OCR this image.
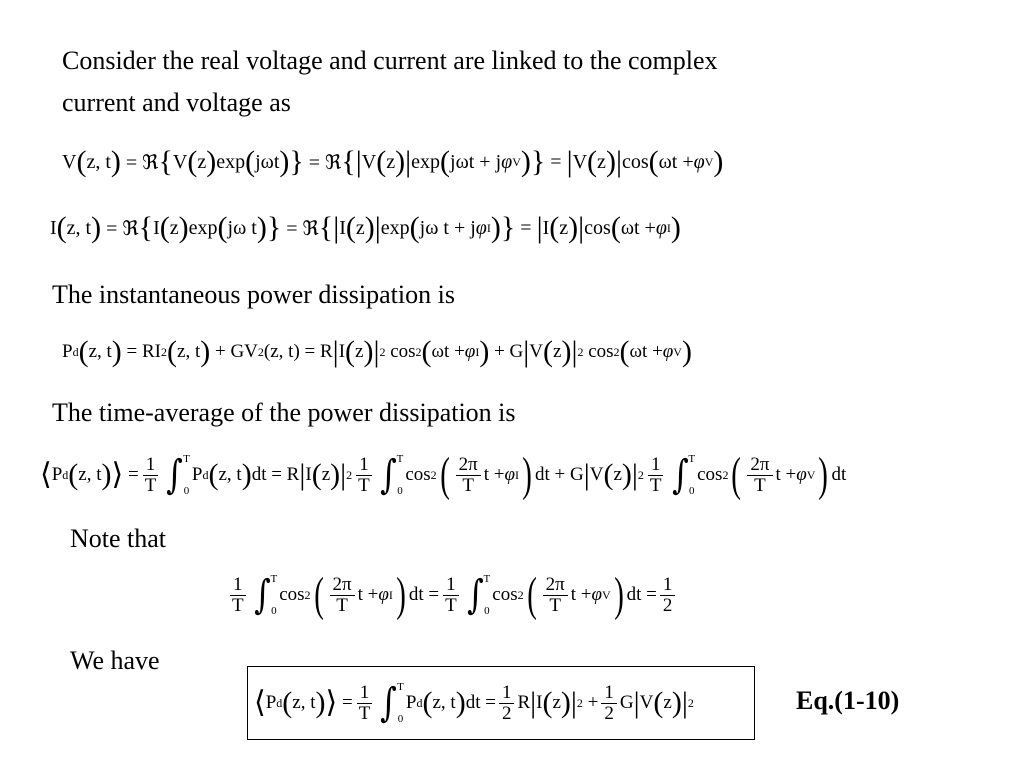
Consider the real voltage and current are linked to the complex
current and voltage as
V ( z, t ) = ℜ { V ( z ) exp ( jωt ) } = ℜ { | V ( z ) | exp ( jωt + j φ V ) } = | V ( z ) | cos ( ωt + φ V )
I ( z, t ) = ℜ { I ( z ) exp ( jω t ) } = ℜ { | I ( z ) | exp ( jω t + j φ I ) } = | I ( z ) | cos ( ωt + φ I )
The instantaneous power dissipation is
P d ( z, t ) = RI 2 ( z, t ) + GV 2 (z, t) = R | I ( z ) | 2 cos 2 ( ωt + φ I ) + G | V ( z ) | 2 cos 2 ( ωt + φ V )
The time-average of the power dissipation is
⟨ P d ( z, t ) ⟩ = $\frac{1}{T}$ ∫ T
0
P d ( z, t ) dt = R | I ( z ) | $2 \frac{1}{T}$ ∫ T
0
cos 2 ( $\frac{2\pi}{T}$ t + φ I ) dt + G | V ( z ) | $2 \frac{1}{T}$ ∫ T
0
cos 2 ( $\frac{2\pi}{T}$ t + φ V ) dt
Note that
$\frac{1}{T}$ ∫ T
0
cos 2 ( $\frac{2\pi}{T}$ t + φ I ) dt = $\frac{1}{T}$ ∫ T
0
cos 2 ( $\frac{2\pi}{T}$ t + φ V ) dt = $\frac{1}{2}$
We have
⟨ P d ( z, t ) ⟩ = $\frac{1}{T}$ ∫ T
0
P d ( z, t ) dt = $\frac{1}{2}$ R | I ( z ) | $2 + \frac{1}{2}$ G | V ( z ) | 2	Eq.(1-10)
